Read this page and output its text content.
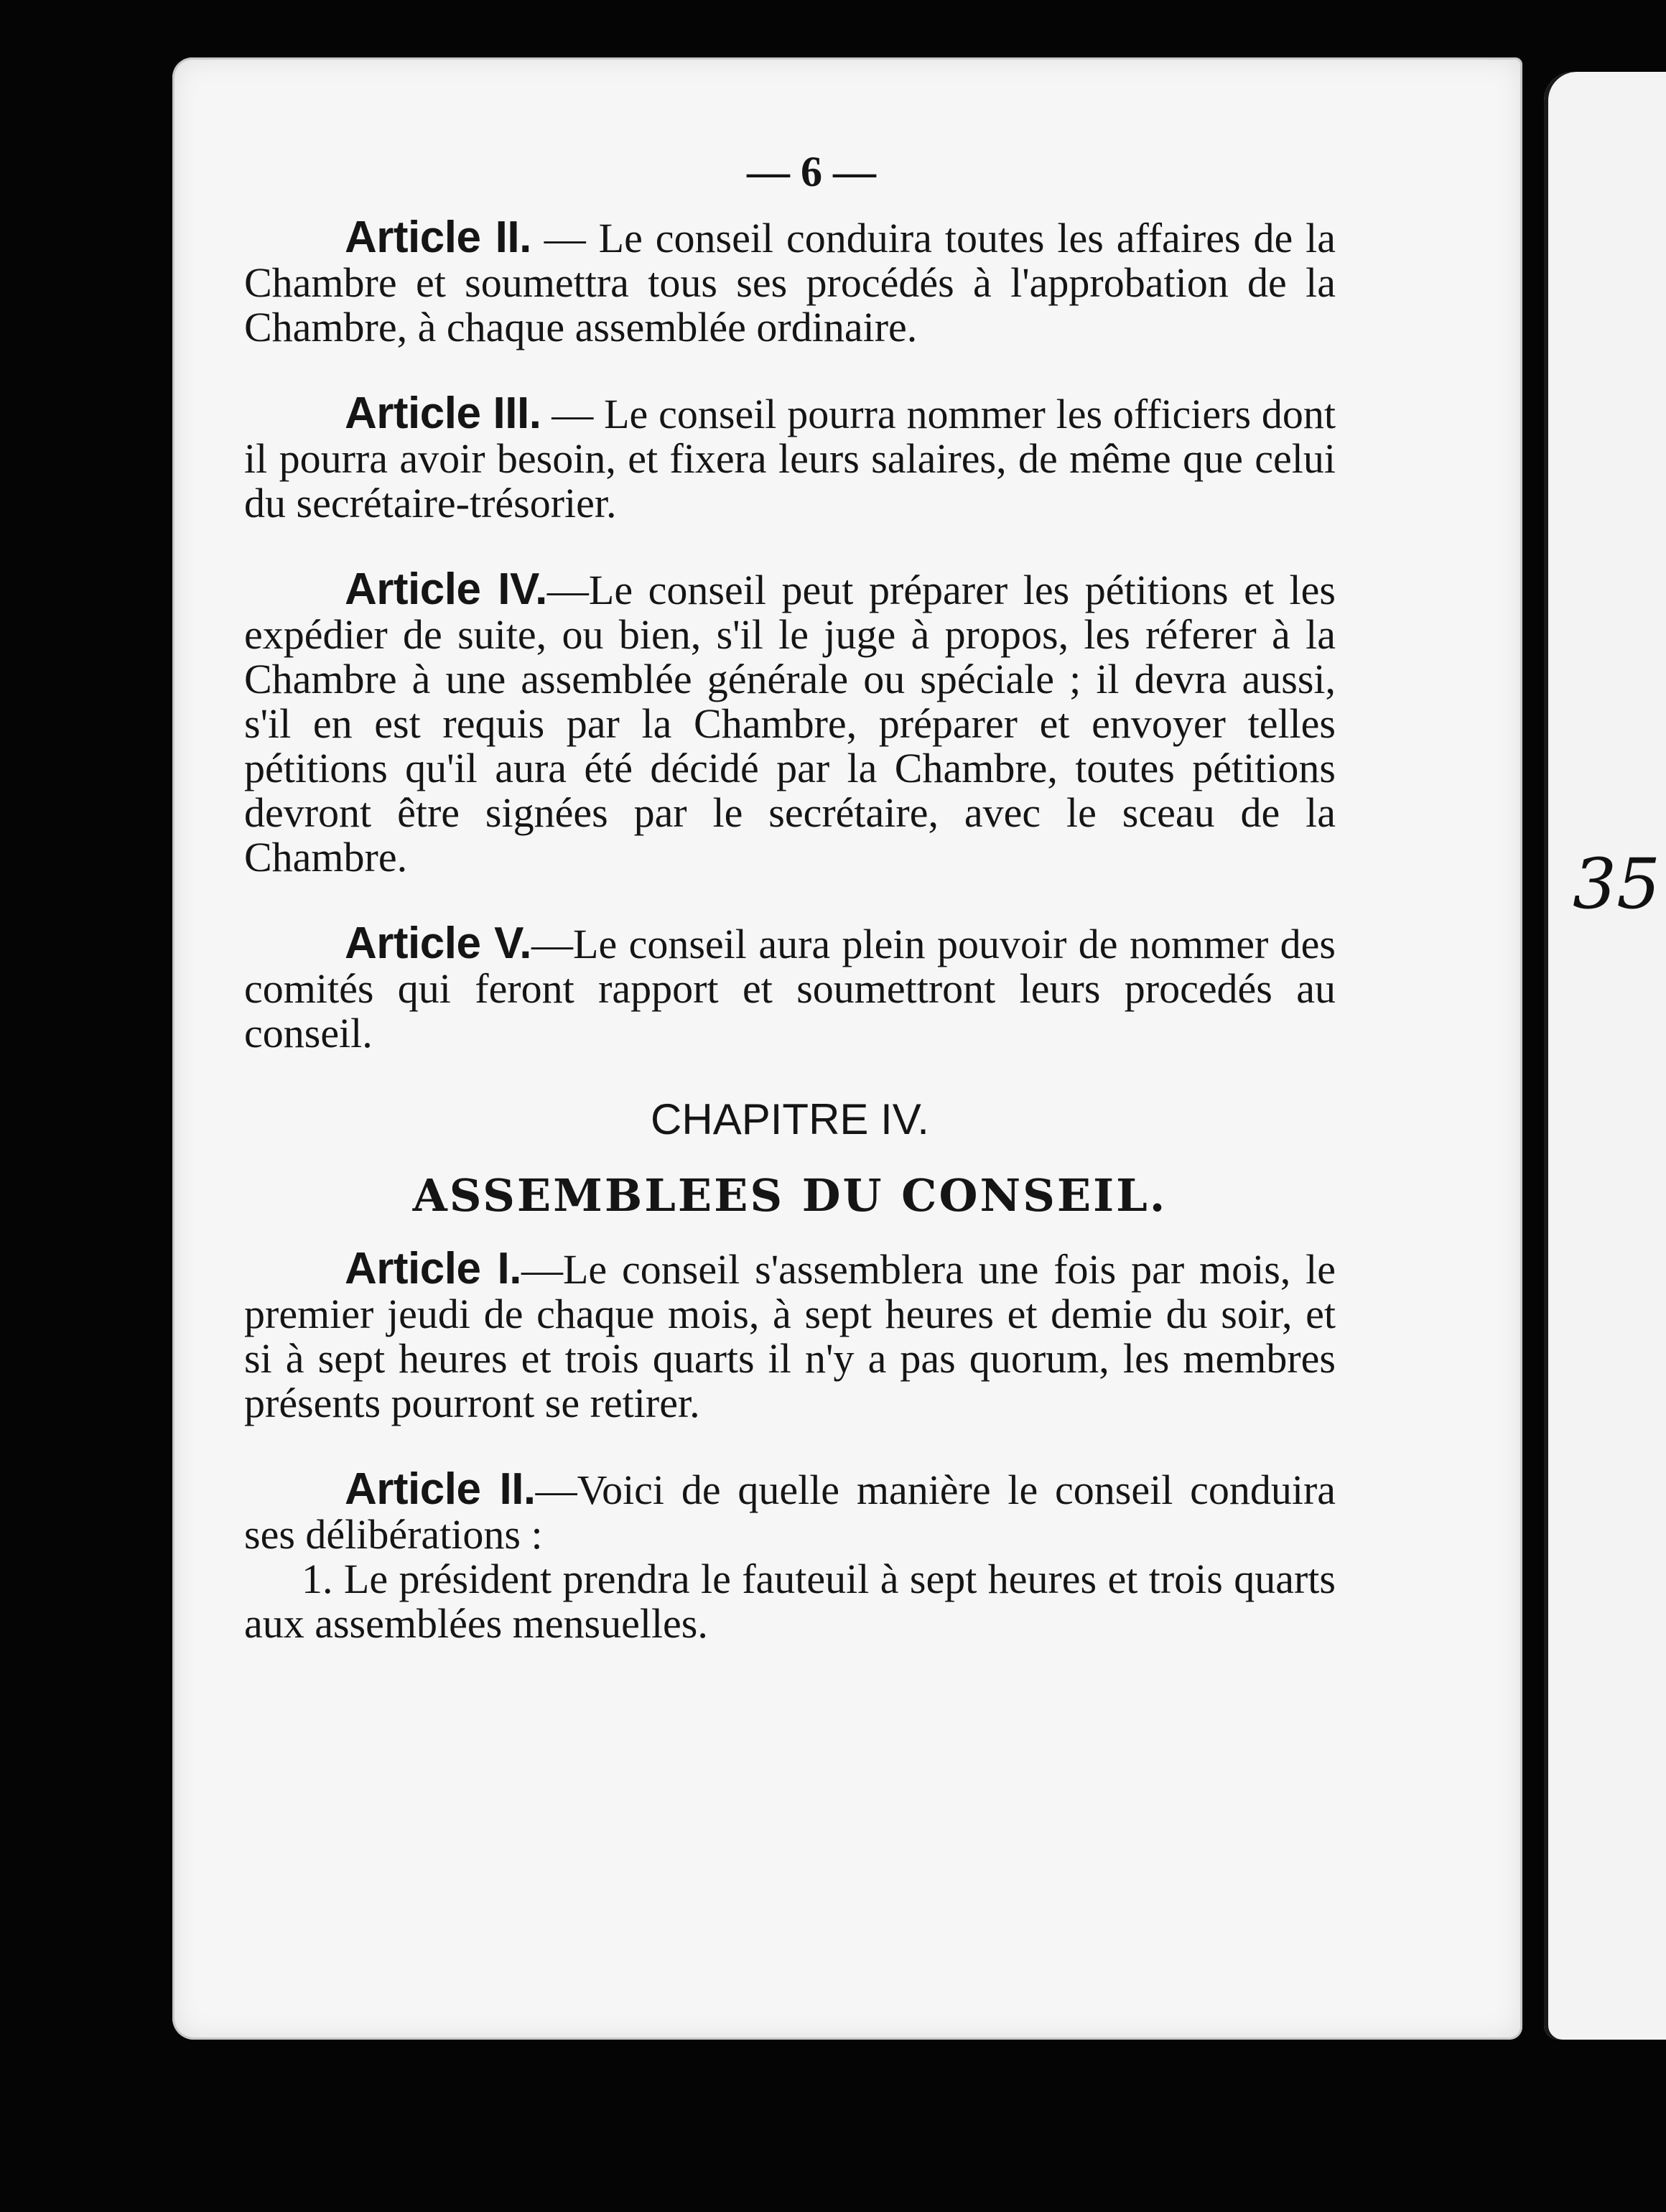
— 6 —

Article II. — Le conseil conduira toutes les affaires de la Chambre et soumettra tous ses procédés à l'approbation de la Chambre, à chaque assemblée ordinaire.

Article III. — Le conseil pourra nommer les officiers dont il pourra avoir besoin, et fixera leurs salaires, de même que celui du secrétaire-trésorier.

Article IV.—Le conseil peut préparer les pétitions et les expédier de suite, ou bien, s'il le juge à propos, les réferer à la Chambre à une assemblée générale ou spéciale ; il devra aussi, s'il en est requis par la Chambre, préparer et envoyer telles pétitions qu'il aura été décidé par la Chambre, toutes pétitions devront être signées par le secrétaire, avec le sceau de la Chambre.

Article V.—Le conseil aura plein pouvoir de nommer des comités qui feront rapport et soumettront leurs procedés au conseil.

CHAPITRE IV.
ASSEMBLEES DU CONSEIL.

Article I.—Le conseil s'assemblera une fois par mois, le premier jeudi de chaque mois, à sept heures et demie du soir, et si à sept heures et trois quarts il n'y a pas quorum, les membres présents pourront se retirer.

Article II.—Voici de quelle manière le conseil conduira ses délibérations :

1. Le président prendra le fauteuil à sept heures et trois quarts aux assemblées mensuelles.

35
